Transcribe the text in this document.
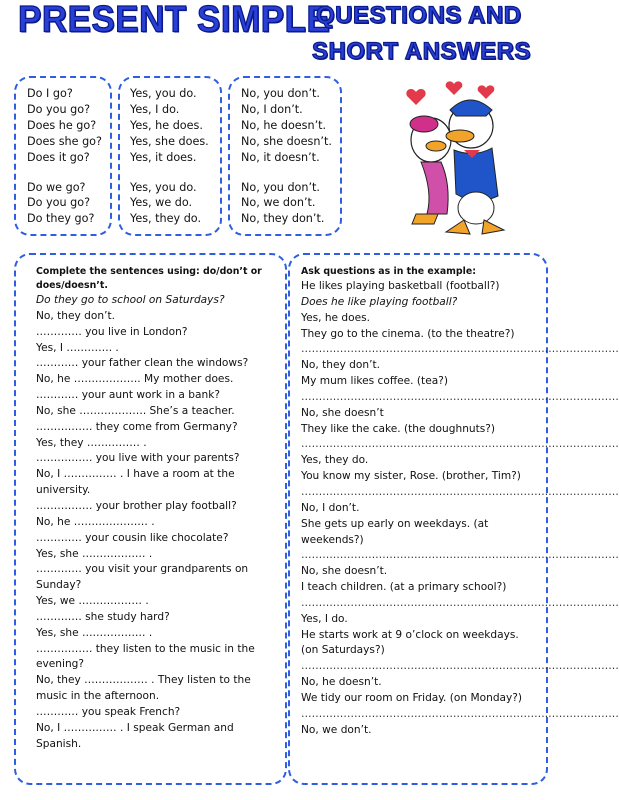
PRESENT SIMPLE
QUESTIONS AND
SHORT ANSWERS
Do I go?
Do you go?
Does he go?
Does she go?
Does it go?
Do we go?
Do you go?
Do they go?
Yes, you do.
Yes, I do.
Yes, he does.
Yes, she does.
Yes, it does.
Yes, you do.
Yes, we do.
Yes, they do.
No, you don’t.
No, I don’t.
No, he doesn’t.
No, she doesn’t.
No, it doesn’t.
No, you don’t.
No, we don’t.
No, they don’t.
Complete the sentences using: do/don’t or does/doesn’t.
Do they go to school on Saturdays?
No, they don’t.
…………. you live in London?
Yes, I …………. .
………… your father clean the windows?
No, he ………………. My mother does.
………… your aunt work in a bank?
No, she ………………. She’s a teacher.
……………. they come from Germany?
Yes, they …………… .
……………. you live with your parents?
No, I …………… . I have a room at the university.
……………. your brother play football?
No, he ………………… .
…………. your cousin like chocolate?
Yes, she ……………… .
…………. you visit your grandparents on Sunday?
Yes, we ……………… .
…………. she study hard?
Yes, she ……………… .
……………. they listen to the music in the evening?
No, they ……………… . They listen to the music in the afternoon.
………… you speak French?
No, I …………… . I speak German and Spanish.
Ask questions as in the example:
He likes playing basketball (football?)
Does he like playing football?
Yes, he does.
They go to the cinema. (to the theatre?)
………………………………………………………………………………
No, they don’t.
My mum likes coffee. (tea?)
………………………………………………………………………………
No, she doesn’t
They like the cake. (the doughnuts?)
………………………………………………………………………………
Yes, they do.
You know my sister, Rose. (brother, Tim?)
………………………………………………………………………………
No, I don’t.
She gets up early on weekdays. (at weekends?)
………………………………………………………………………………
No, she doesn’t.
I teach children. (at a primary school?)
………………………………………………………………………………
Yes, I do.
He starts work at 9 o’clock on weekdays. (on Saturdays?)
………………………………………………………………………………
No, he doesn’t.
We tidy our room on Friday. (on Monday?)
………………………………………………………………………………
No, we don’t.
